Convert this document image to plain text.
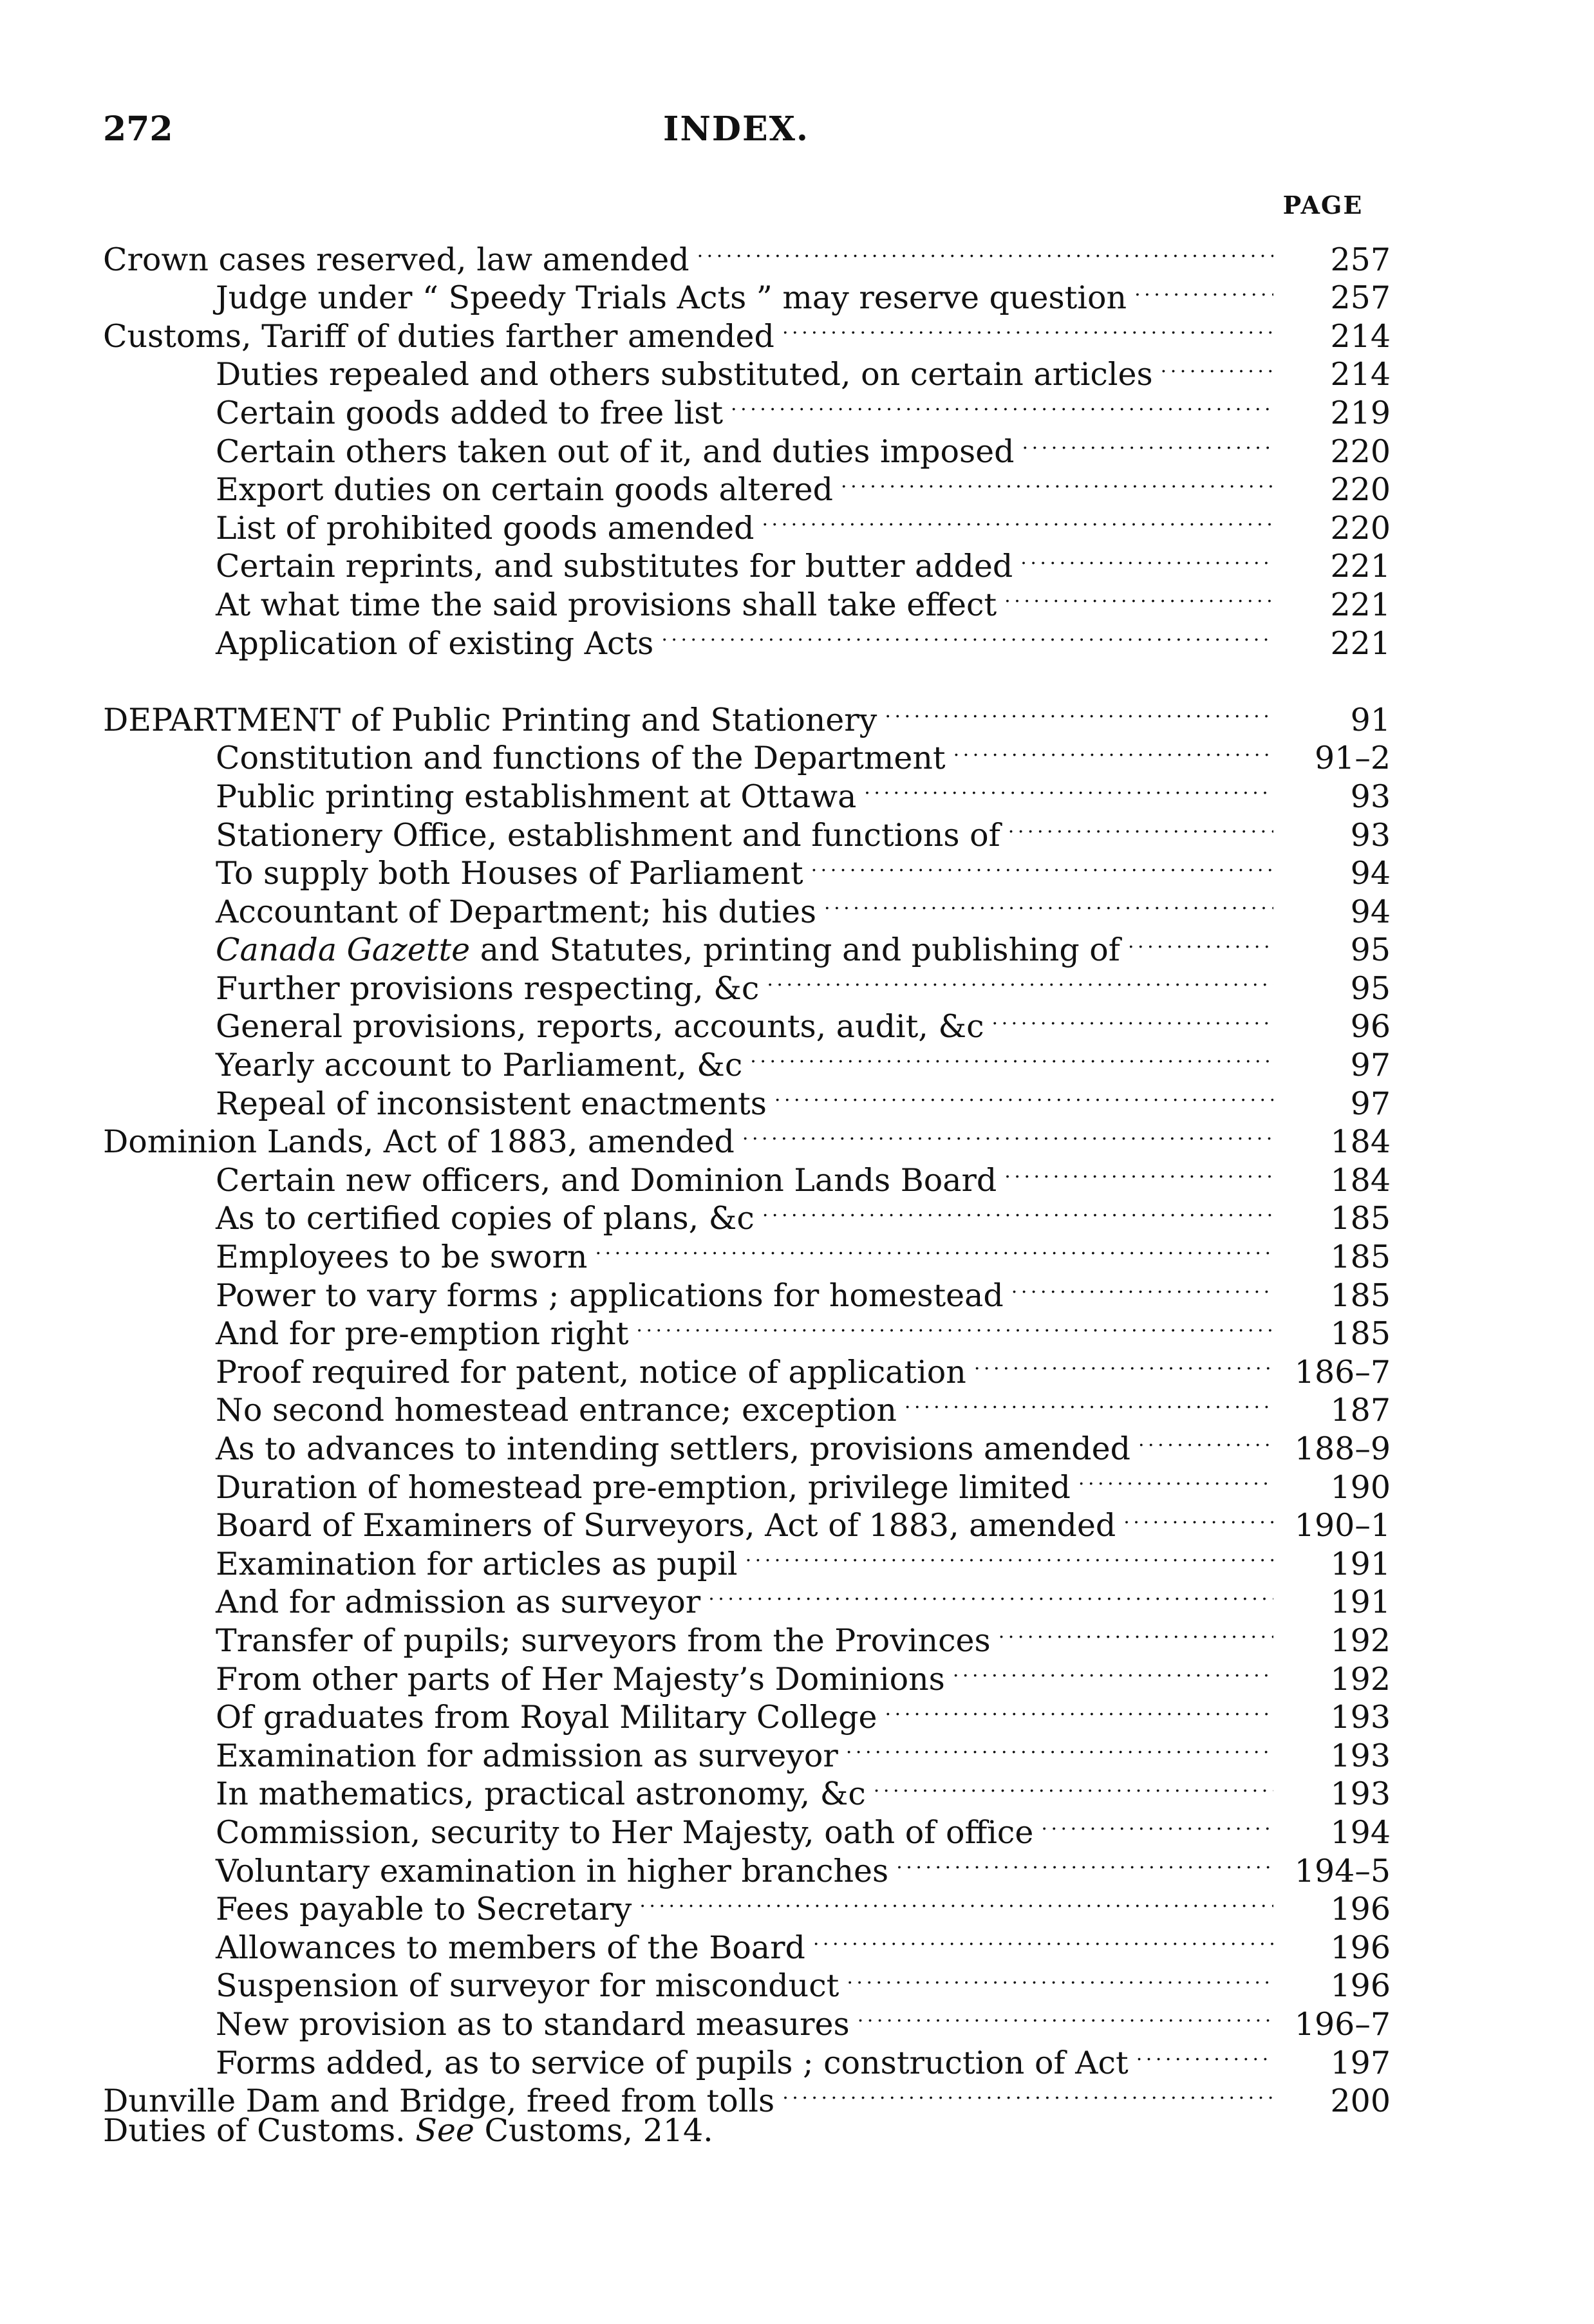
272	INDEX.
PAGE
Crown cases reserved, law amended . . .	257
Judge under “ Speedy Trials Acts ” may reserve question . . .	257
Customs, Tariff of duties farther amended . . .	214
Duties repealed and others substituted, on certain articles . . .	214
Certain goods added to free list . . .	219
Certain others taken out of it, and duties imposed . . .	220
Export duties on certain goods altered . . .	220
List of prohibited goods amended . . .	220
Certain reprints, and substitutes for butter added . . .	221
At what time the said provisions shall take effect . . .	221
Application of existing Acts . . .	221
DEPARTMENT of Public Printing and Stationery . . .	91
Constitution and functions of the Department . . .	91–2
Public printing establishment at Ottawa . . .	93
Stationery Office, establishment and functions of . . .	93
To supply both Houses of Parliament . . .	94
Accountant of Department; his duties . . .	94
Canada Gazette and Statutes, printing and publishing of . . .	95
Further provisions respecting, &c . . .	95
General provisions, reports, accounts, audit, &c . . .	96
Yearly account to Parliament, &c . . .	97
Repeal of inconsistent enactments . . .	97
Dominion Lands, Act of 1883, amended . . .	184
Certain new officers, and Dominion Lands Board . . .	184
As to certified copies of plans, &c . . .	185
Employees to be sworn . . .	185
Power to vary forms ; applications for homestead . . .	185
And for pre-emption right . . .	185
Proof required for patent, notice of application . . .	186–7
No second homestead entrance; exception . . .	187
As to advances to intending settlers, provisions amended . . .	188–9
Duration of homestead pre-emption, privilege limited . . .	190
Board of Examiners of Surveyors, Act of 1883, amended . . .	190–1
Examination for articles as pupil . . .	191
And for admission as surveyor . . .	191
Transfer of pupils; surveyors from the Provinces . . .	192
From other parts of Her Majesty’s Dominions . . .	192
Of graduates from Royal Military College . . .	193
Examination for admission as surveyor . . .	193
In mathematics, practical astronomy, &c . . .	193
Commission, security to Her Majesty, oath of office . . .	194
Voluntary examination in higher branches . . .	194–5
Fees payable to Secretary . . .	196
Allowances to members of the Board . . .	196
Suspension of surveyor for misconduct . . .	196
New provision as to standard measures . . .	196–7
Forms added, as to service of pupils ; construction of Act . . .	197
Dunville Dam and Bridge, freed from tolls . . .	200
Duties of Customs. See Customs, 214.
